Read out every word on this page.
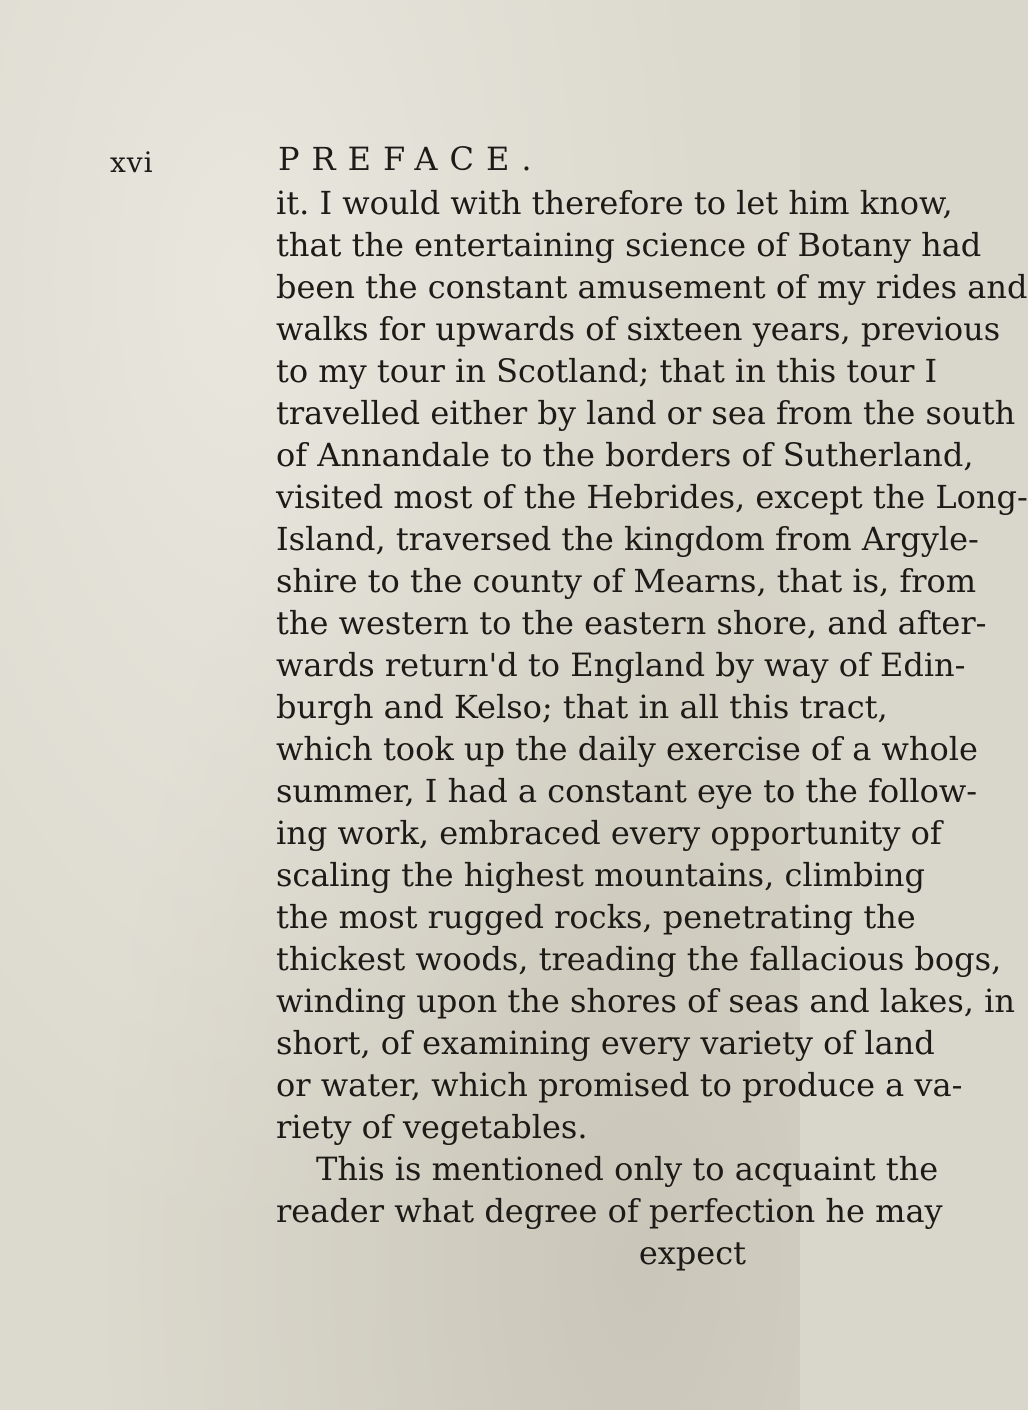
xvi	PREFACE.
it. I would with therefore to let him know,
that the entertaining science of Botany had
been the constant amusement of my rides and
walks for upwards of sixteen years, previous
to my tour in Scotland; that in this tour I
travelled either by land or sea from the south
of Annandale to the borders of Sutherland,
visited most of the Hebrides, except the Long-
Island, traversed the kingdom from Argyle-
shire to the county of Mearns, that is, from
the western to the eastern shore, and after-
wards return'd to England by way of Edin-
burgh and Kelso; that in all this tract,
which took up the daily exercise of a whole
summer, I had a constant eye to the follow-
ing work, embraced every opportunity of
scaling the highest mountains, climbing
the most rugged rocks, penetrating the
thickest woods, treading the fallacious bogs,
winding upon the shores of seas and lakes, in
short, of examining every variety of land
or water, which promised to produce a va-
riety of vegetables.
This is mentioned only to acquaint the
reader what degree of perfection he may
expect
